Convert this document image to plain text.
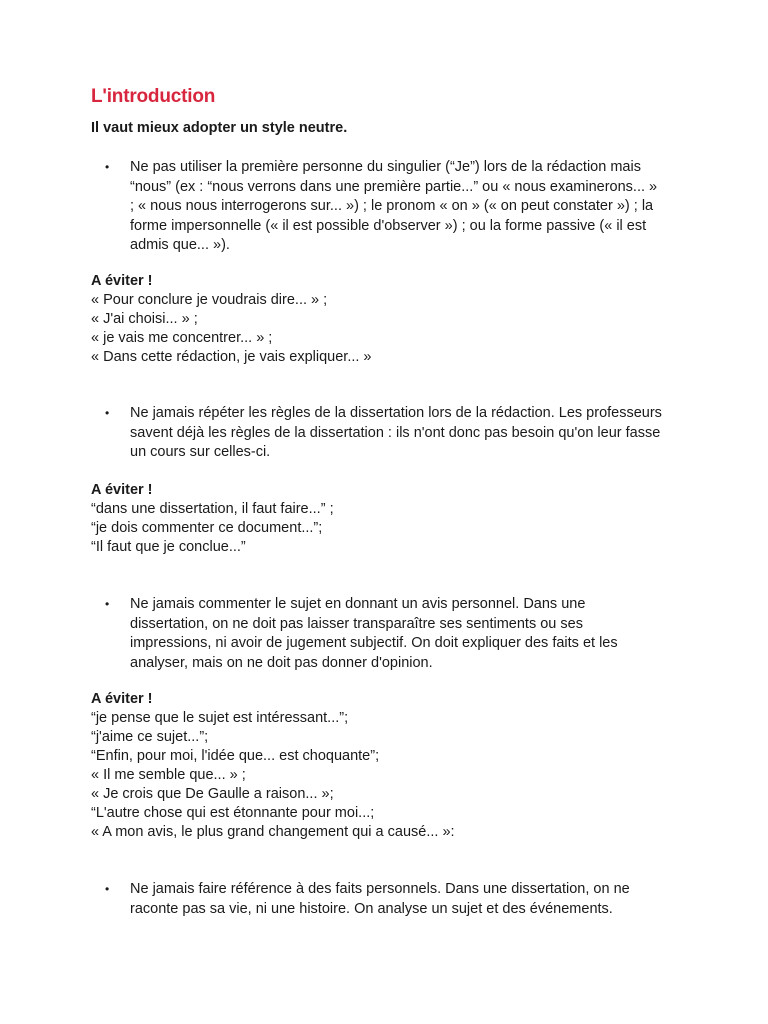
L'introduction

Il vaut mieux adopter un style neutre.

•	Ne pas utiliser la première personne du singulier (“Je”) lors de la rédaction mais
“nous” (ex : “nous verrons dans une première partie...” ou « nous examinerons... »
; « nous nous interrogerons sur... ») ; le pronom « on » (« on peut constater ») ; la
forme impersonnelle (« il est possible d'observer ») ; ou la forme passive (« il est
admis que... »).
A éviter !
« Pour conclure je voudrais dire... » ;
« J'ai choisi... » ;
« je vais me concentrer... » ;
« Dans cette rédaction, je vais expliquer... »
•	Ne jamais répéter les règles de la dissertation lors de la rédaction. Les professeurs
savent déjà les règles de la dissertation : ils n'ont donc pas besoin qu'on leur fasse
un cours sur celles-ci.
A éviter !
“dans une dissertation, il faut faire...” ;
“je dois commenter ce document...”;
“Il faut que je conclue...”
•	Ne jamais commenter le sujet en donnant un avis personnel. Dans une
dissertation, on ne doit pas laisser transparaître ses sentiments ou ses
impressions, ni avoir de jugement subjectif. On doit expliquer des faits et les
analyser, mais on ne doit pas donner d'opinion.
A éviter !
“je pense que le sujet est intéressant...”;
“j'aime ce sujet...”;
“Enfin, pour moi, l'idée que... est choquante”;
« Il me semble que... » ;
« Je crois que De Gaulle a raison... »;
“L'autre chose qui est étonnante pour moi...;
« A mon avis, le plus grand changement qui a causé... »:
•	Ne jamais faire référence à des faits personnels. Dans une dissertation, on ne
raconte pas sa vie, ni une histoire. On analyse un sujet et des événements.
